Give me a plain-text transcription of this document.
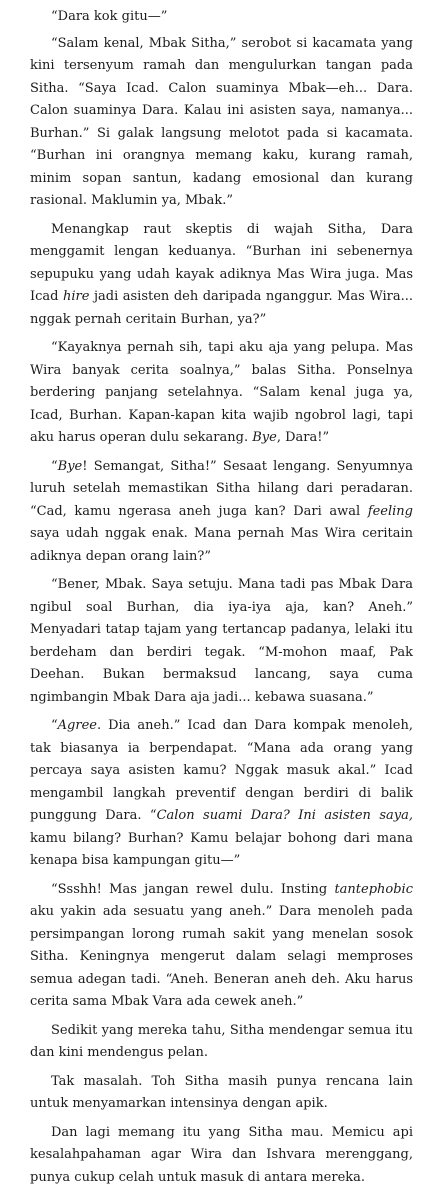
“Dara kok gitu—”

“Salam kenal, Mbak Sitha,” serobot si kacamata yang kini tersenyum ramah dan mengulurkan tangan pada Sitha. “Saya Icad. Calon suaminya Mbak—eh... Dara. Calon suaminya Dara. Kalau ini asisten saya, namanya... Burhan.” Si galak langsung melotot pada si kacamata. “Burhan ini orangnya memang kaku, kurang ramah, minim sopan santun, kadang emosional dan kurang rasional. Maklumin ya, Mbak.”

Menangkap raut skeptis di wajah Sitha, Dara menggamit lengan keduanya. “Burhan ini sebenernya sepupuku yang udah kayak adiknya Mas Wira juga. Mas Icad hire jadi asisten deh daripada nganggur. Mas Wira... nggak pernah ceritain Burhan, ya?”

“Kayaknya pernah sih, tapi aku aja yang pelupa. Mas Wira banyak cerita soalnya,” balas Sitha. Ponselnya berdering panjang setelahnya. “Salam kenal juga ya, Icad, Burhan. Kapan-kapan kita wajib ngobrol lagi, tapi aku harus operan dulu sekarang. Bye, Dara!”

“Bye! Semangat, Sitha!” Sesaat lengang. Senyumnya luruh setelah memastikan Sitha hilang dari peradaran. “Cad, kamu ngerasa aneh juga kan? Dari awal feeling saya udah nggak enak. Mana pernah Mas Wira ceritain adiknya depan orang lain?”

“Bener, Mbak. Saya setuju. Mana tadi pas Mbak Dara ngibul soal Burhan, dia iya-iya aja, kan? Aneh.” Menyadari tatap tajam yang tertancap padanya, lelaki itu berdeham dan berdiri tegak. “M-mohon maaf, Pak Deehan. Bukan bermaksud lancang, saya cuma ngimbangin Mbak Dara aja jadi... kebawa suasana.”

“Agree. Dia aneh.” Icad dan Dara kompak menoleh, tak biasanya ia berpendapat. “Mana ada orang yang percaya saya asisten kamu? Nggak masuk akal.” Icad mengambil langkah preventif dengan berdiri di balik punggung Dara. “Calon suami Dara? Ini asisten saya, kamu bilang? Burhan? Kamu belajar bohong dari mana kenapa bisa kampungan gitu—”

“Ssshh! Mas jangan rewel dulu. Insting tantephobic aku yakin ada sesuatu yang aneh.” Dara menoleh pada persimpangan lorong rumah sakit yang menelan sosok Sitha. Keningnya mengerut dalam selagi memproses semua adegan tadi. “Aneh. Beneran aneh deh. Aku harus cerita sama Mbak Vara ada cewek aneh.”

Sedikit yang mereka tahu, Sitha mendengar semua itu dan kini mendengus pelan.

Tak masalah. Toh Sitha masih punya rencana lain untuk menyamarkan intensinya dengan apik.

Dan lagi memang itu yang Sitha mau. Memicu api kesalahpahaman agar Wira dan Ishvara merenggang, punya cukup celah untuk masuk di antara mereka.
